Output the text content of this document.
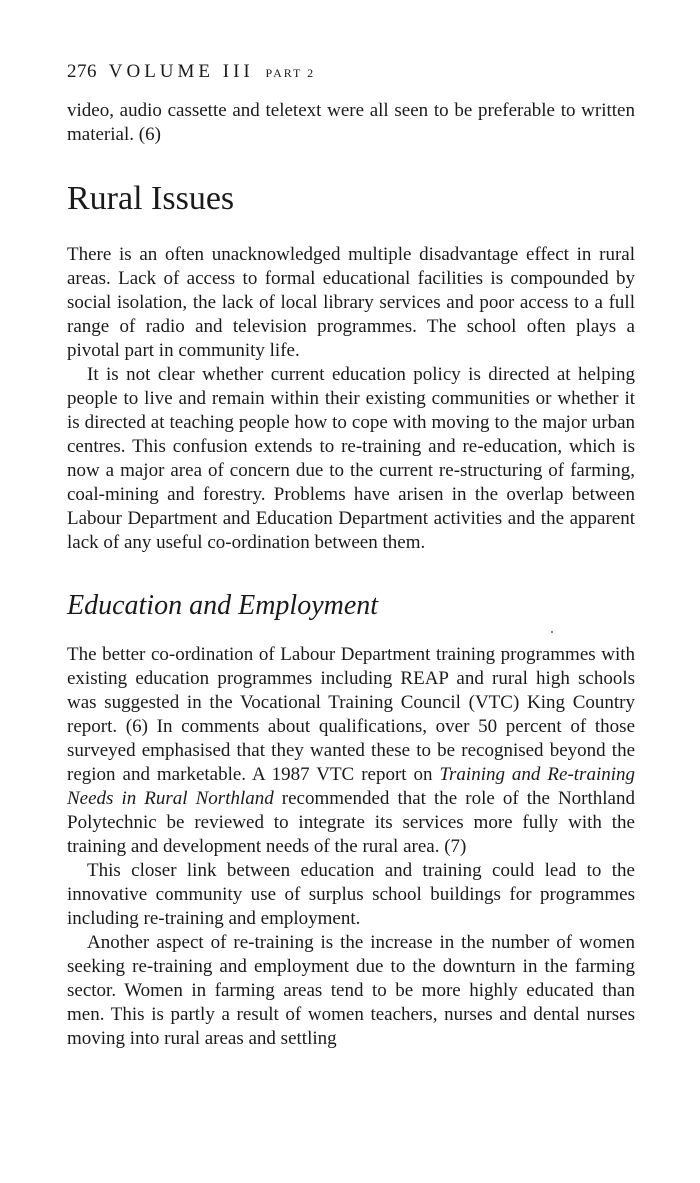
276 VOLUME III PART 2

video, audio cassette and teletext were all seen to be preferable to written material. (6)

Rural Issues

There is an often unacknowledged multiple disadvantage effect in rural areas. Lack of access to formal educational facilities is compounded by social isolation, the lack of local library services and poor access to a full range of radio and television programmes. The school often plays a pivotal part in community life.

It is not clear whether current education policy is directed at helping people to live and remain within their existing communities or whether it is directed at teaching people how to cope with moving to the major urban centres. This confusion extends to re-training and re-education, which is now a major area of concern due to the current re-structuring of farming, coal-mining and forestry. Problems have arisen in the overlap between Labour Department and Education Department activities and the apparent lack of any useful co-ordination between them.

Education and Employment

The better co-ordination of Labour Department training programmes with existing education programmes including REAP and rural high schools was suggested in the Vocational Training Council (VTC) King Country report. (6) In comments about qualifications, over 50 percent of those surveyed emphasised that they wanted these to be recognised beyond the region and marketable. A 1987 VTC report on Training and Re-training Needs in Rural Northland recommended that the role of the Northland Polytechnic be reviewed to integrate its services more fully with the training and development needs of the rural area. (7)

This closer link between education and training could lead to the innovative community use of surplus school buildings for programmes including re-training and employment.

Another aspect of re-training is the increase in the number of women seeking re-training and employment due to the downturn in the farming sector. Women in farming areas tend to be more highly educated than men. This is partly a result of women teachers, nurses and dental nurses moving into rural areas and settling
